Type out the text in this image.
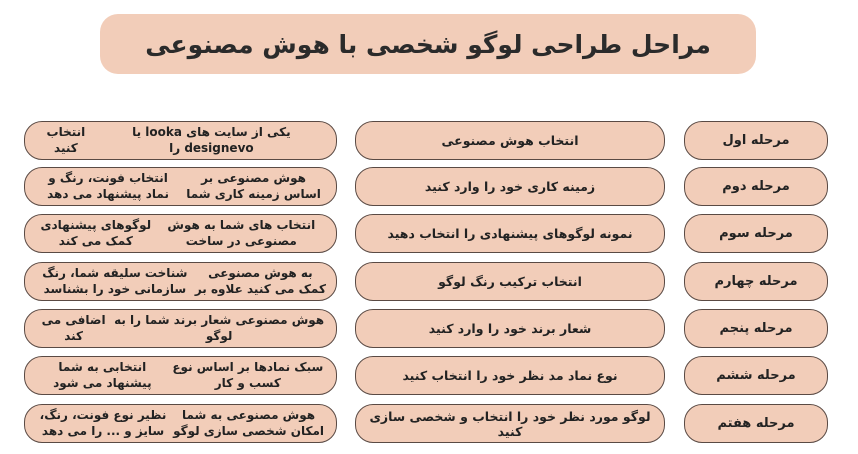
مراحل طراحی لوگو شخصی با هوش مصنوعی
مرحله اول
انتخاب هوش مصنوعی
یکی از سایت های looka یا designevo را
انتخاب کنید
مرحله دوم
زمینه کاری خود را وارد کنید
هوش مصنوعی بر اساس زمینه کاری شما
انتخاب فونت، رنگ و نماد پیشنهاد می دهد
مرحله سوم
نمونه لوگوهای پیشنهادی را انتخاب دهید
انتخاب های شما به هوش مصنوعی در ساخت
لوگوهای پیشنهادی کمک می کند
مرحله چهارم
انتخاب ترکیب رنگ لوگو
به هوش مصنوعی کمک می کنید علاوه بر
شناخت سلیقه شما، رنگ سازمانی خود را بشناسد
مرحله پنجم
شعار برند خود را وارد کنید
هوش مصنوعی شعار برند شما را به لوگو
اضافی می کند
مرحله ششم
نوع نماد مد نظر خود را انتخاب کنید
سبک نمادها بر اساس نوع کسب و کار
انتخابی به شما پیشنهاد می شود
مرحله هفتم
لوگو مورد نظر خود را انتخاب و شخصی سازی کنید
هوش مصنوعی به شما امکان شخصی سازی لوگو
نظیر نوع فونت، رنگ، سایز و ... را می دهد
